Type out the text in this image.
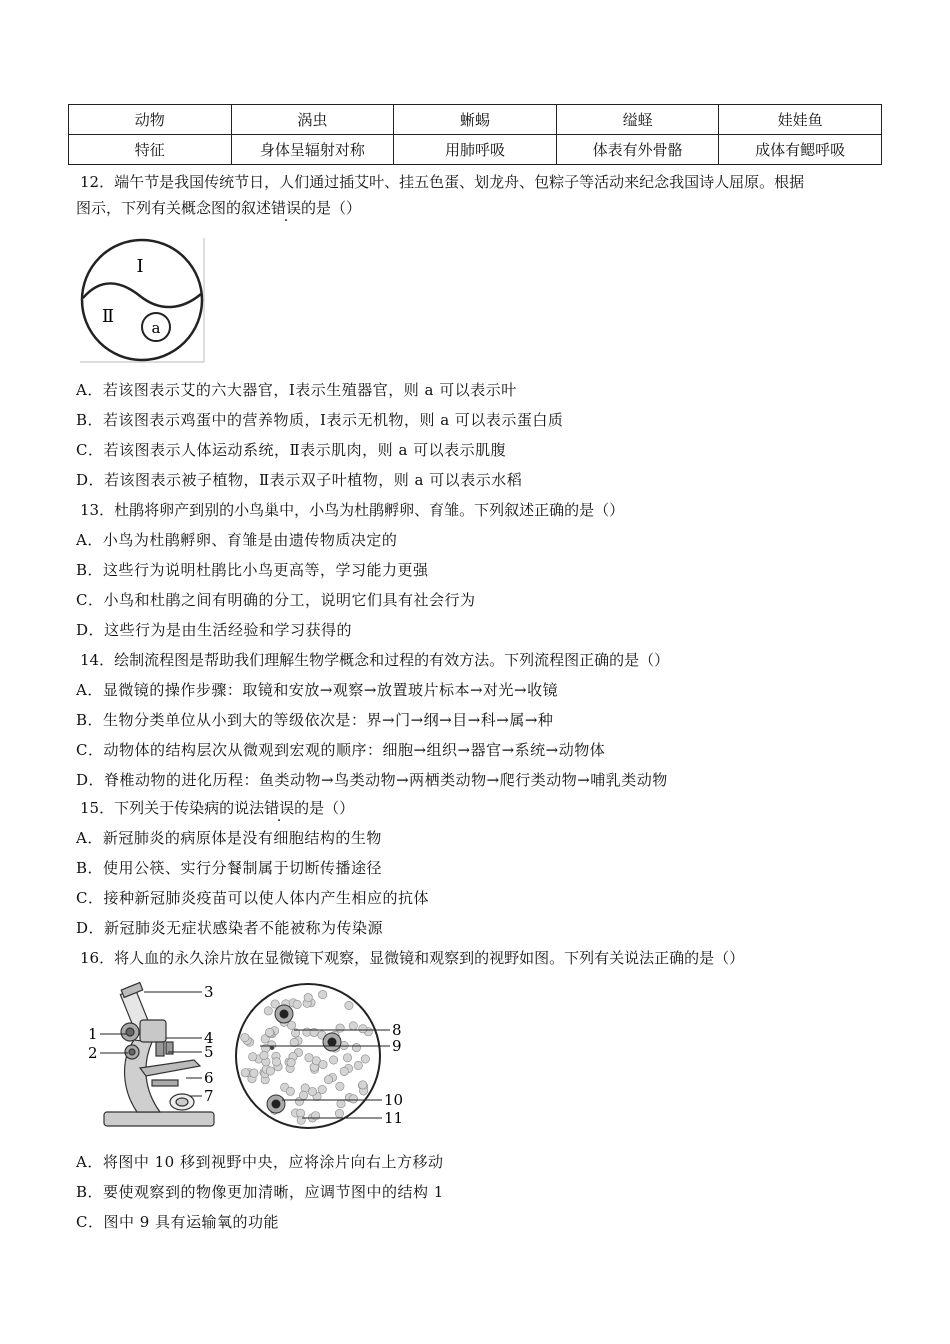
动物	涡虫	蜥蜴	缢蛏	娃娃鱼
特征	身体呈辐射对称	用肺呼吸	体表有外骨骼	成体有鳃呼吸
12．端午节是我国传统节日，人们通过插艾叶、挂五色蛋、划龙舟、包粽子等活动来纪念我国诗人屈原。根据
图示，下列有关概念图的叙述错误的是（）
Ⅰ
Ⅱ
a
A．若该图表示艾的六大器官，Ⅰ表示生殖器官，则 a 可以表示叶
B．若该图表示鸡蛋中的营养物质，Ⅰ表示无机物，则 a 可以表示蛋白质
C．若该图表示人体运动系统，Ⅱ表示肌肉，则 a 可以表示肌腹
D．若该图表示被子植物，Ⅱ表示双子叶植物，则 a 可以表示水稻
13．杜鹃将卵产到别的小鸟巢中，小鸟为杜鹃孵卵、育雏。下列叙述正确的是（）
A．小鸟为杜鹃孵卵、育雏是由遗传物质决定的
B．这些行为说明杜鹃比小鸟更高等，学习能力更强
C．小鸟和杜鹃之间有明确的分工，说明它们具有社会行为
D．这些行为是由生活经验和学习获得的
14．绘制流程图是帮助我们理解生物学概念和过程的有效方法。下列流程图正确的是（）
A．显微镜的操作步骤：取镜和安放→观察→放置玻片标本→对光→收镜
B．生物分类单位从小到大的等级依次是：界→门→纲→目→科→属→种
C．动物体的结构层次从微观到宏观的顺序：细胞→组织→器官→系统→动物体
D．脊椎动物的进化历程：鱼类动物→鸟类动物→两栖类动物→爬行类动物→哺乳类动物
15．下列关于传染病的说法错误的是（）
A．新冠肺炎的病原体是没有细胞结构的生物
B．使用公筷、实行分餐制属于切断传播途径
C．接种新冠肺炎疫苗可以使人体内产生相应的抗体
D．新冠肺炎无症状感染者不能被称为传染源
16．将人血的永久涂片放在显微镜下观察，显微镜和观察到的视野如图。下列有关说法正确的是（）
1
2
3
4
5
6
7
8
9
10
11
A．将图中 10 移到视野中央，应将涂片向右上方移动
B．要使观察到的物像更加清晰，应调节图中的结构 1
C．图中 9 具有运输氧的功能
